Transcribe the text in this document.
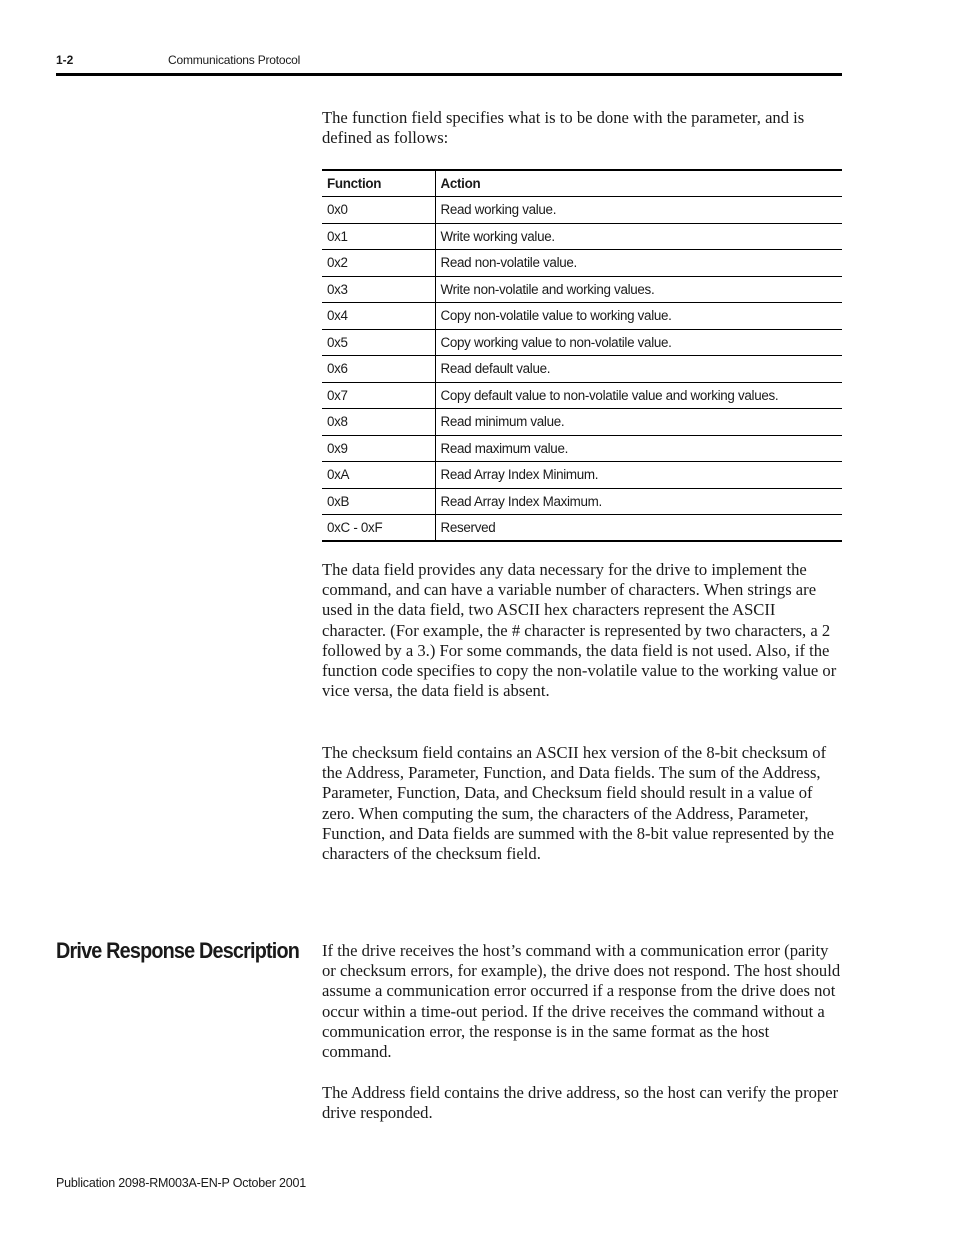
1-2	Communications Protocol

The function field specifies what is to be done with the parameter, and is defined as follows:

Function	Action
0x0	Read working value.
0x1	Write working value.
0x2	Read non-volatile value.
0x3	Write non-volatile and working values.
0x4	Copy non-volatile value to working value.
0x5	Copy working value to non-volatile value.
0x6	Read default value.
0x7	Copy default value to non-volatile value and working values.
0x8	Read minimum value.
0x9	Read maximum value.
0xA	Read Array Index Minimum.
0xB	Read Array Index Maximum.
0xC - 0xF	Reserved

The data field provides any data necessary for the drive to implement the command, and can have a variable number of characters. When strings are used in the data field, two ASCII hex characters represent the ASCII character. (For example, the # character is represented by two characters, a 2 followed by a 3.) For some commands, the data field is not used. Also, if the function code specifies to copy the non-volatile value to the working value or vice versa, the data field is absent.

The checksum field contains an ASCII hex version of the 8-bit checksum of the Address, Parameter, Function, and Data fields. The sum of the Address, Parameter, Function, Data, and Checksum field should result in a value of zero. When computing the sum, the characters of the Address, Parameter, Function, and Data fields are summed with the 8-bit value represented by the characters of the checksum field.

Drive Response Description If the drive receives the host’s command with a communication error (parity or checksum errors, for example), the drive does not respond. The host should assume a communication error occurred if a response from the drive does not occur within a time-out period. If the drive receives the command without a communication error, the response is in the same format as the host command.

The Address field contains the drive address, so the host can verify the proper drive responded.

Publication 2098-RM003A-EN-P October 2001
